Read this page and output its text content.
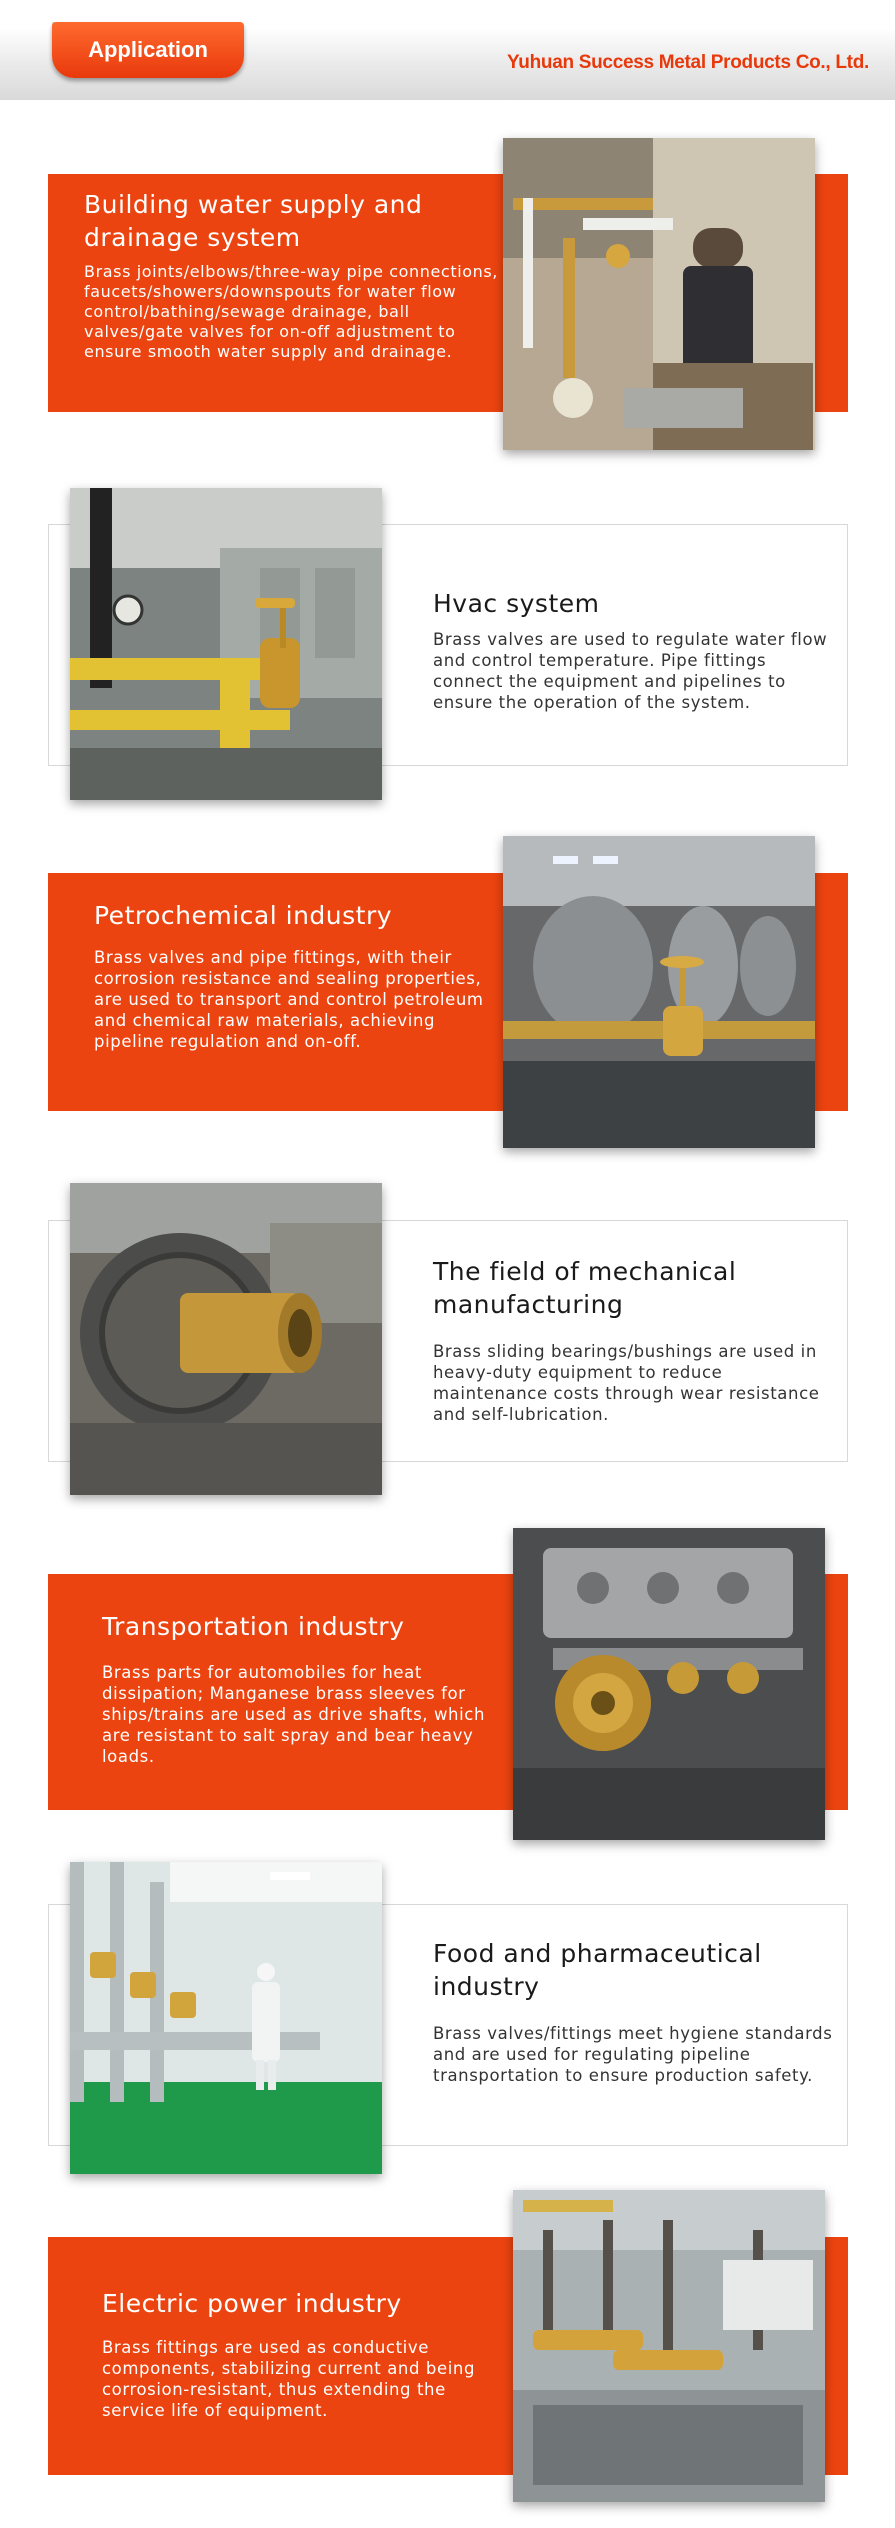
Application
Yuhuan Success Metal Products Co., Ltd.
Building water supply and drainage system
Brass joints/elbows/three-way pipe connections, faucets/showers/downspouts for water flow control/bathing/sewage drainage, ball valves/gate valves for on-off adjustment to ensure smooth water supply and drainage.
Hvac system
Brass valves are used to regulate water flow and control temperature. Pipe fittings connect the equipment and pipelines to ensure the operation of the system.
Petrochemical industry
Brass valves and pipe fittings, with their corrosion resistance and sealing properties, are used to transport and control petroleum and chemical raw materials, achieving pipeline regulation and on-off.
The field of mechanical manufacturing
Brass sliding bearings/bushings are used in heavy-duty equipment to reduce maintenance costs through wear resistance and self-lubrication.
Transportation industry
Brass parts for automobiles for heat dissipation; Manganese brass sleeves for ships/trains are used as drive shafts, which are resistant to salt spray and bear heavy loads.
Food and pharmaceutical industry
Brass valves/fittings meet hygiene standards and are used for regulating pipeline transportation to ensure production safety.
Electric power industry
Brass fittings are used as conductive components, stabilizing current and being corrosion-resistant, thus extending the service life of equipment.
